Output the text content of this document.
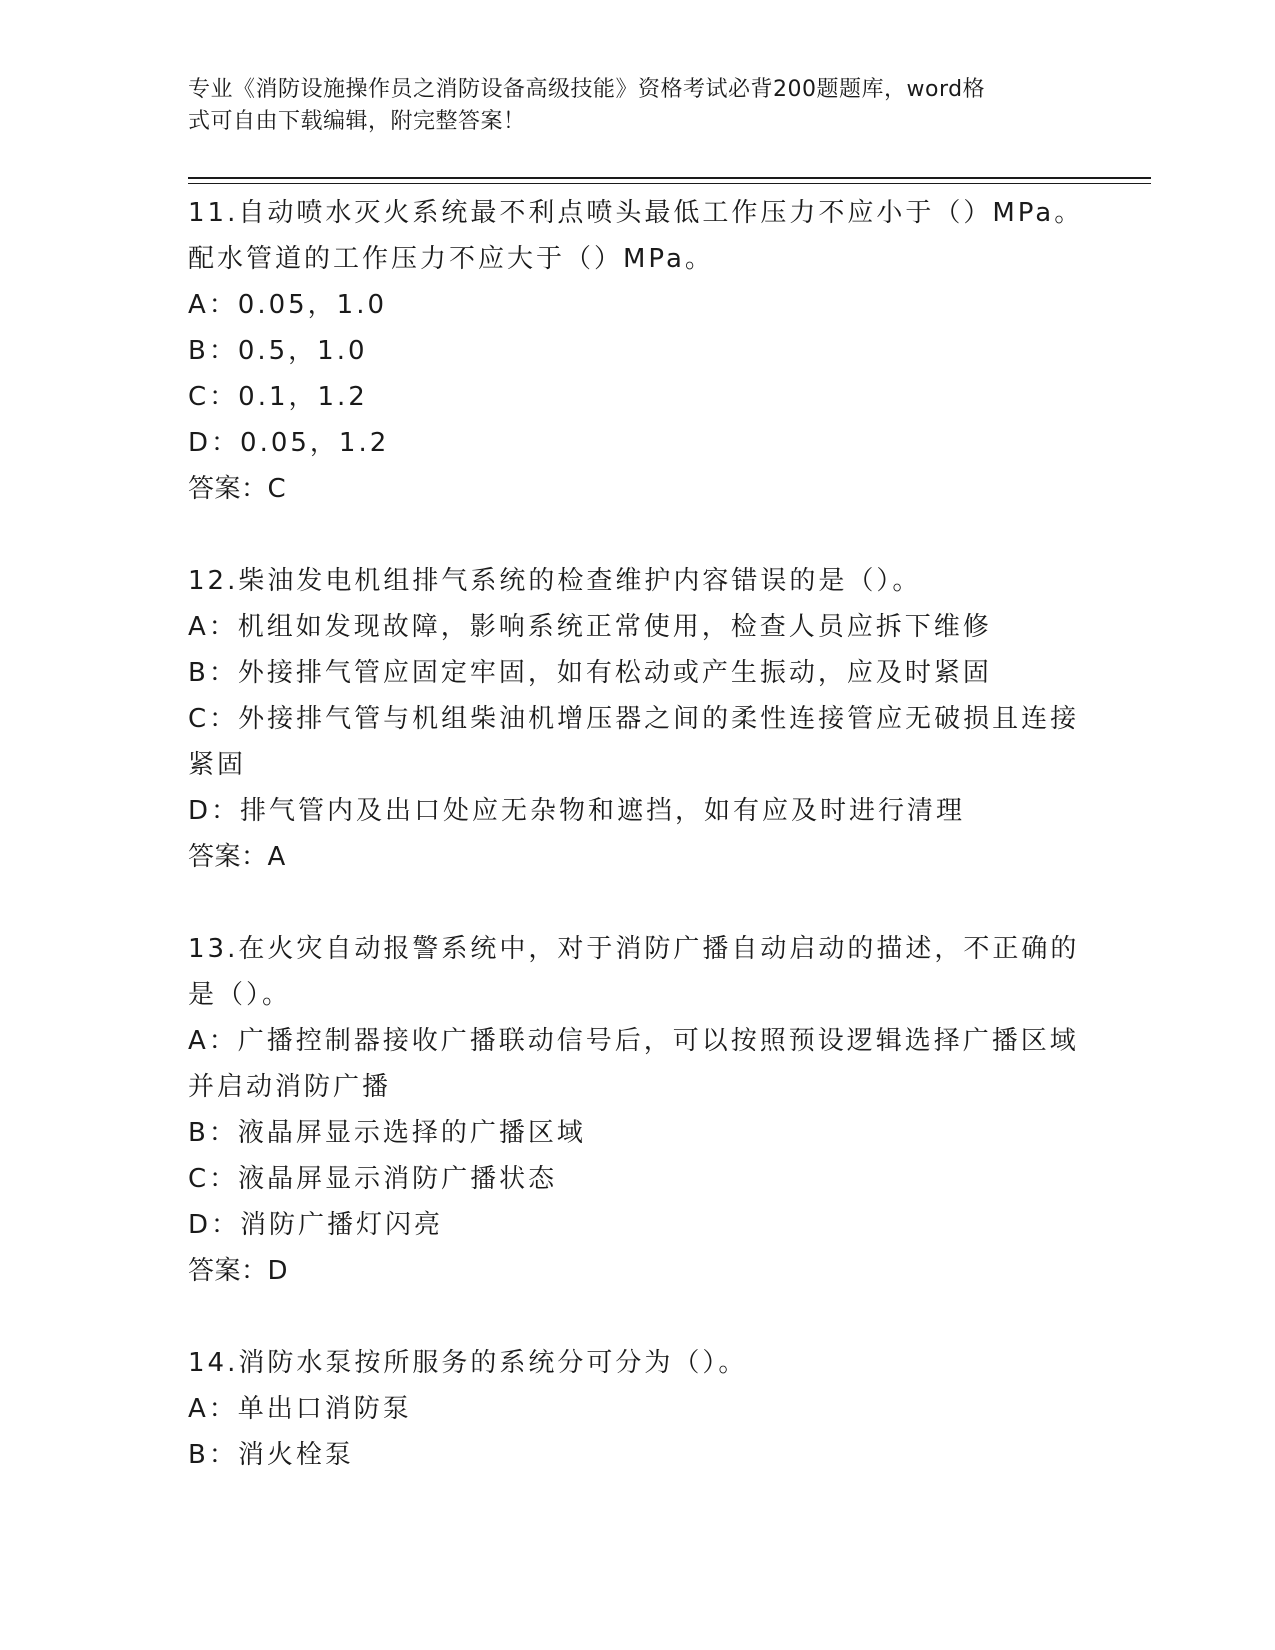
专业《消防设施操作员之消防设备高级技能》资格考试必背200题题库，word格
式可自由下载编辑，附完整答案！
11.自动喷水灭火系统最不利点喷头最低工作压力不应小于（）MPa。
配水管道的工作压力不应大于（）MPa。
A：0.05，1.0
B：0.5，1.0
C：0.1，1.2
D：0.05，1.2
答案：C
12.柴油发电机组排气系统的检查维护内容错误的是（）。
A：机组如发现故障，影响系统正常使用，检查人员应拆下维修
B：外接排气管应固定牢固，如有松动或产生振动，应及时紧固
C：外接排气管与机组柴油机增压器之间的柔性连接管应无破损且连接
紧固
D：排气管内及出口处应无杂物和遮挡，如有应及时进行清理
答案：A
13.在火灾自动报警系统中，对于消防广播自动启动的描述，不正确的
是（）。
A：广播控制器接收广播联动信号后，可以按照预设逻辑选择广播区域
并启动消防广播
B：液晶屏显示选择的广播区域
C：液晶屏显示消防广播状态
D：消防广播灯闪亮
答案：D
14.消防水泵按所服务的系统分可分为（）。
A：单出口消防泵
B：消火栓泵
